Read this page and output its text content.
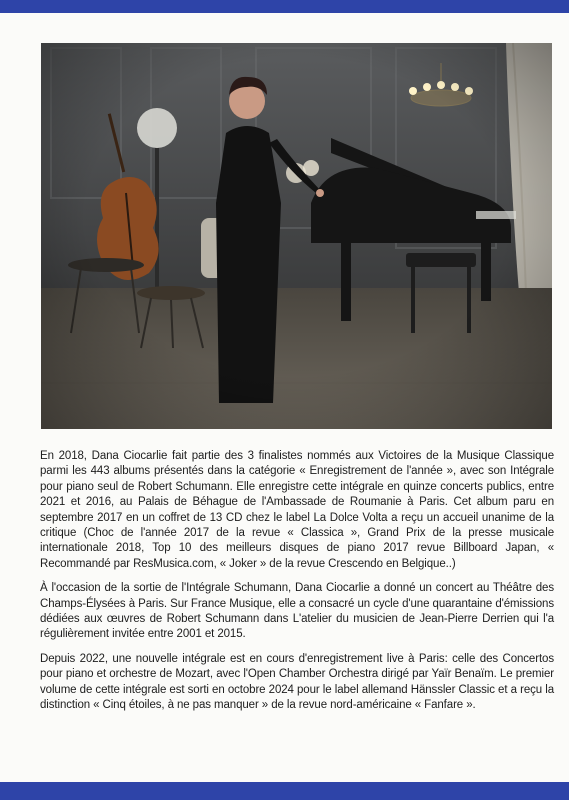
En 2018, Dana Ciocarlie fait partie des 3 finalistes nommés aux Victoires de la Musique Classique parmi les 443 albums présentés dans la catégorie « Enregistrement de l'année », avec son Intégrale pour piano seul de Robert Schumann. Elle enregistre cette intégrale en quinze concerts publics, entre 2021 et 2016, au Palais de Béhague de l'Ambassade de Roumanie à Paris. Cet album paru en septembre 2017 en un coffret de 13 CD chez le label La Dolce Volta a reçu un accueil unanime de la critique (Choc de l'année 2017 de la revue « Classica », Grand Prix de la presse musicale internationale 2018, Top 10 des meilleurs disques de piano 2017 revue Billboard Japan, « Recommandé par ResMusica.com, « Joker » de la revue Crescendo en Belgique..)

À l'occasion de la sortie de l'Intégrale Schumann, Dana Ciocarlie a donné un concert au Théâtre des Champs-Élysées à Paris. Sur France Musique, elle a consacré un cycle d'une quarantaine d'émissions dédiées aux œuvres de Robert Schumann dans L'atelier du musicien de Jean-Pierre Derrien qui l'a régulièrement invitée entre 2001 et 2015.

Depuis 2022, une nouvelle intégrale est en cours d'enregistrement live à Paris: celle des Concertos pour piano et orchestre de Mozart, avec l'Open Chamber Orchestra dirigé par Yaïr Benaïm. Le premier volume de cette intégrale est sorti en octobre 2024 pour le label allemand Hänssler Classic et a reçu la distinction « Cinq étoiles, à ne pas manquer » de la revue nord-américaine « Fanfare ».
